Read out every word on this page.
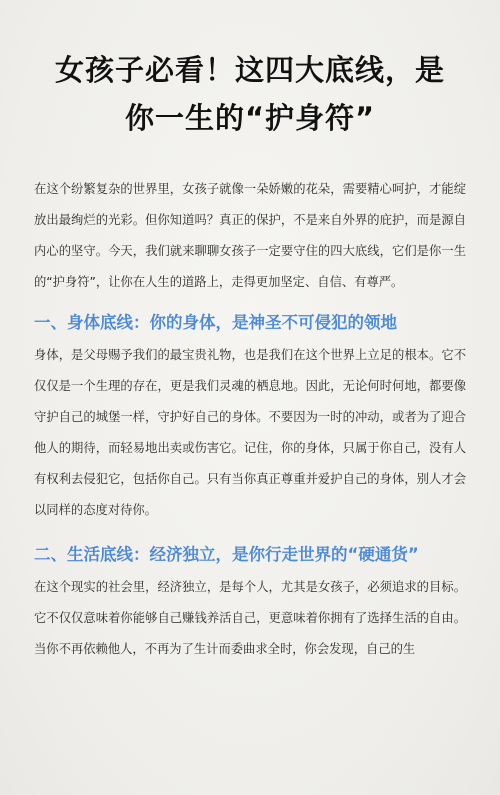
女孩子必看！这四大底线，是
你一生的“护身符”

在这个纷繁复杂的世界里，女孩子就像一朵娇嫩的花朵，需要精心呵护，才能绽放出最绚烂的光彩。但你知道吗？真正的保护，不是来自外界的庇护，而是源自内心的坚守。今天，我们就来聊聊女孩子一定要守住的四大底线，它们是你一生的“护身符”，让你在人生的道路上，走得更加坚定、自信、有尊严。

一、身体底线：你的身体，是神圣不可侵犯的领地

身体，是父母赐予我们的最宝贵礼物，也是我们在这个世界上立足的根本。它不仅仅是一个生理的存在，更是我们灵魂的栖息地。因此，无论何时何地，都要像守护自己的城堡一样，守护好自己的身体。不要因为一时的冲动，或者为了迎合他人的期待，而轻易地出卖或伤害它。记住，你的身体，只属于你自己，没有人有权利去侵犯它，包括你自己。只有当你真正尊重并爱护自己的身体，别人才会以同样的态度对待你。

二、生活底线：经济独立，是你行走世界的“硬通货”

在这个现实的社会里，经济独立，是每个人，尤其是女孩子，必须追求的目标。它不仅仅意味着你能够自己赚钱养活自己，更意味着你拥有了选择生活的自由。当你不再依赖他人，不再为了生计而委曲求全时，你会发现，自己的生
